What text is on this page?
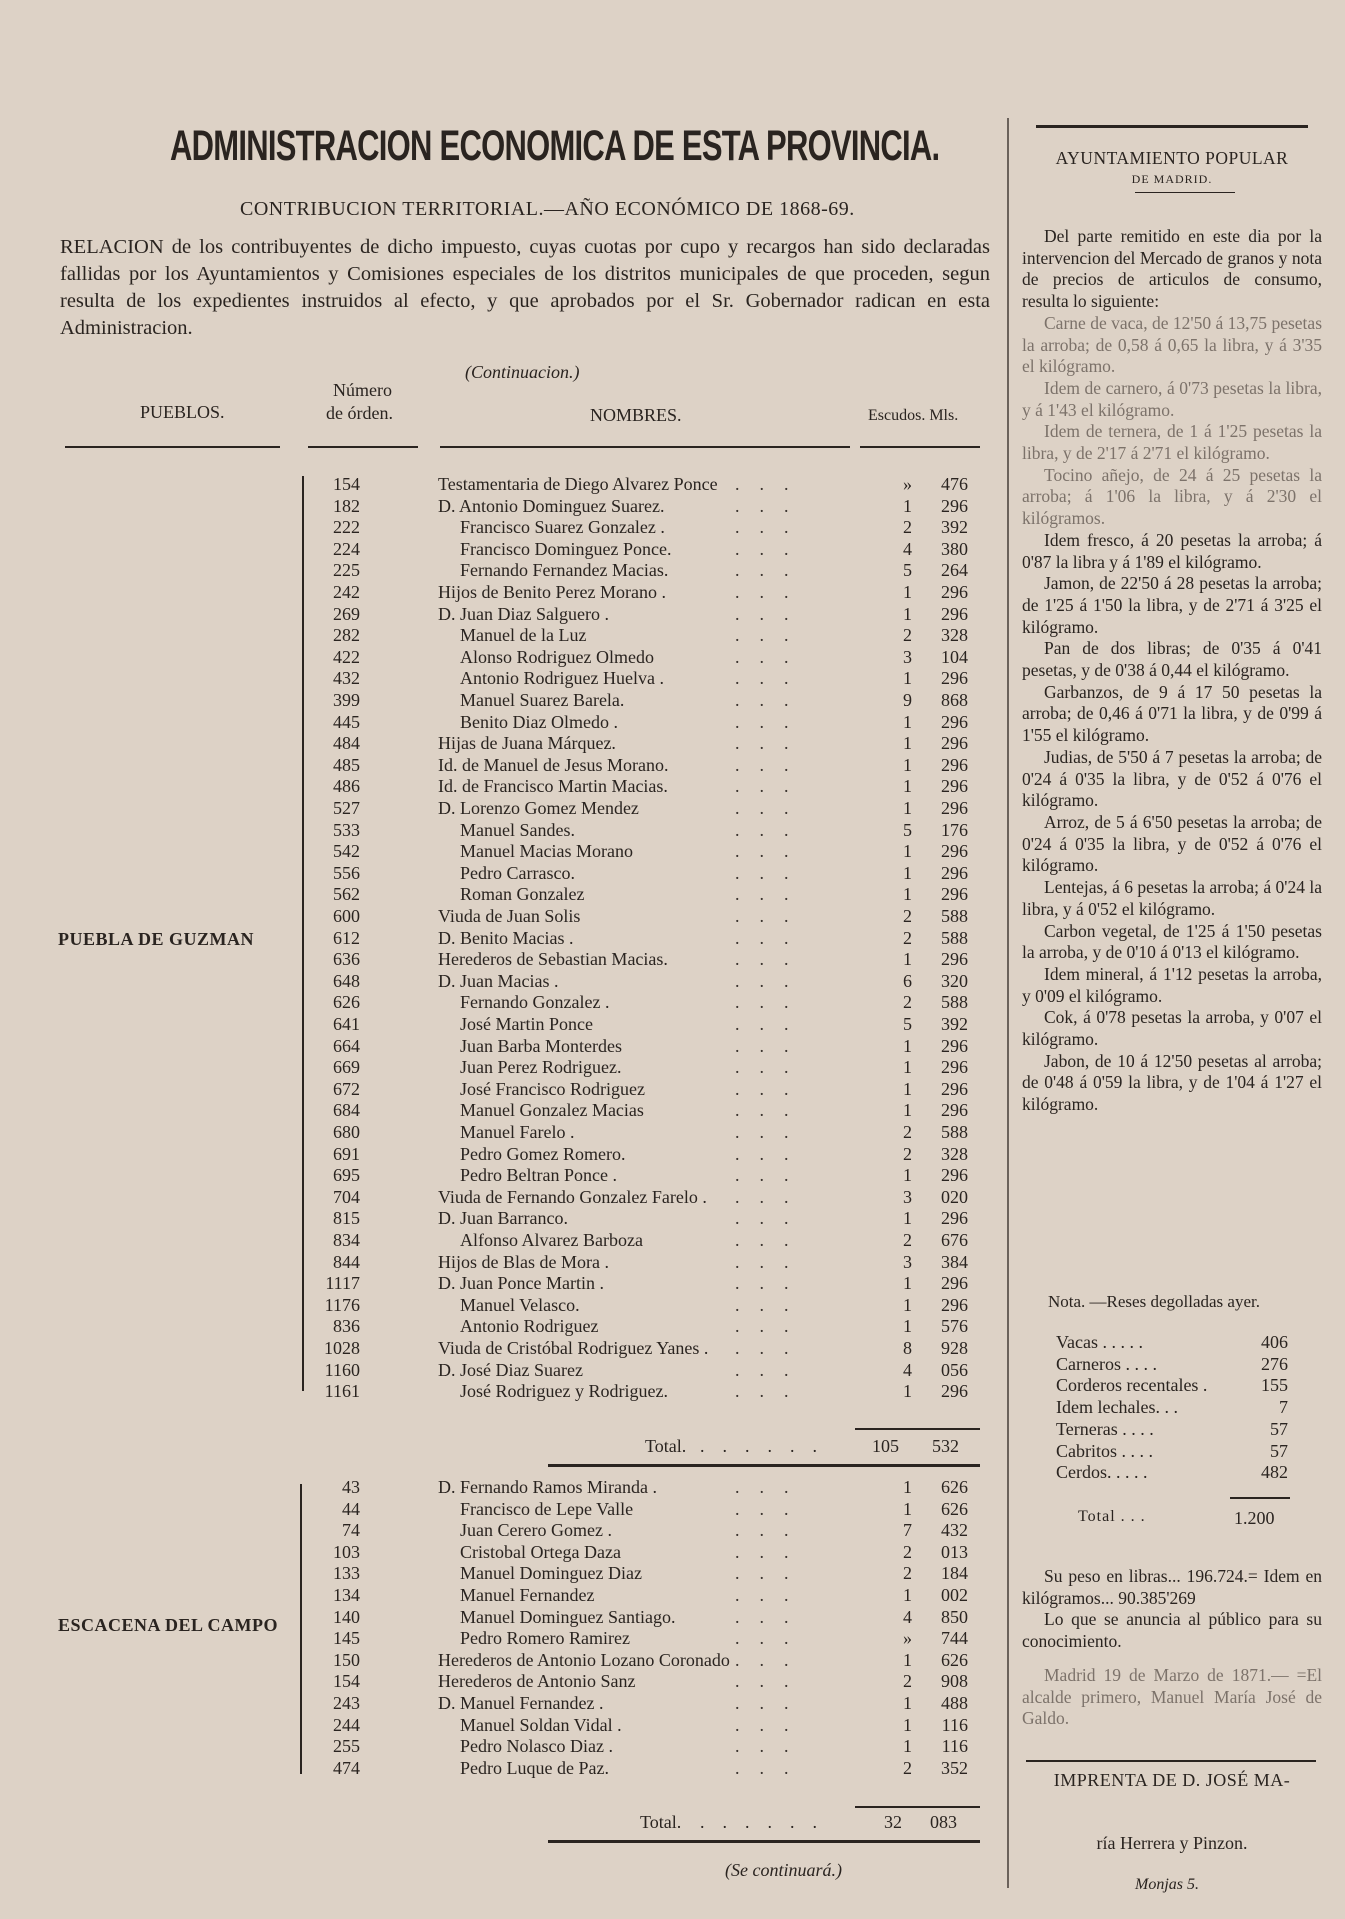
ADMINISTRACION ECONOMICA DE ESTA PROVINCIA.
CONTRIBUCION TERRITORIAL.—AÑO ECONÓMICO DE 1868-69.
RELACION de los contribuyentes de dicho impuesto, cuyas cuotas por cupo y recargos han sido declaradas fallidas por los Ayuntamientos y Comisiones especiales de los distritos municipales de que proceden, segun resulta de los expedientes instruidos al efecto, y que aprobados por el Sr. Gobernador radican en esta Administracion.
(Continuacion.)
PUEBLOS.
Número
de órden.	NOMBRES.	Escudos. Mls.
154	Testamentaria de Diego Alvarez Ponce ...	»	476
182	D. Antonio Dominguez Suarez.	...	1	296
222	Francisco Suarez Gonzalez .	...	2	392
224	Francisco Dominguez Ponce.	...	4	380
225	Fernando Fernandez Macias.	...	5	264
242	Hijos de Benito Perez Morano .	...	1	296
269	D. Juan Diaz Salguero .	...	1	296
282	Manuel de la Luz	...	2	328
422	Alonso Rodriguez Olmedo	...	3	104
432	Antonio Rodriguez Huelva .	...	1	296
399	Manuel Suarez Barela.	...	9	868
445	Benito Diaz Olmedo .	...	1	296
484	Hijas de Juana Márquez.	...	1	296
485	Id. de Manuel de Jesus Morano.	...	1	296
486	Id. de Francisco Martin Macias.	...	1	296
527	D. Lorenzo Gomez Mendez	...	1	296
533	Manuel Sandes.	...	5	176
542	Manuel Macias Morano	...	1	296
556	Pedro Carrasco.	...	1	296
562	Roman Gonzalez	...	1	296
600	Viuda de Juan Solis	...	2	588
612	D. Benito Macias .	...	2	588
636	Herederos de Sebastian Macias.	...	1	296
648	D. Juan Macias .	...	6	320
626	Fernando Gonzalez .	...	2	588
641	José Martin Ponce	...	5	392
664	Juan Barba Monterdes	...	1	296
669	Juan Perez Rodriguez.	...	1	296
672	José Francisco Rodriguez	...	1	296
684	Manuel Gonzalez Macias	...	1	296
680	Manuel Farelo .	...	2	588
691	Pedro Gomez Romero.	...	2	328
695	Pedro Beltran Ponce .	...	1	296
704	Viuda de Fernando Gonzalez Farelo . ...	3	020
815	D. Juan Barranco.	...	1	296
834	Alfonso Alvarez Barboza	...	2	676
844	Hijos de Blas de Mora .	...	3	384
1117	D. Juan Ponce Martin .	...	1	296
1176	Manuel Velasco.	...	1	296
836	Antonio Rodriguez	...	1	576
1028	Viuda de Cristóbal Rodriguez Yanes . ...	8	928
1160	D. José Diaz Suarez	...	4	056
1161	José Rodriguez y Rodriguez.	...	1	296
43	D. Fernando Ramos Miranda .	...	1	626
44	Francisco de Lepe Valle	...	1	626
74	Juan Cerero Gomez .	...	7	432
103	Cristobal Ortega Daza	...	2	013
133	Manuel Dominguez Diaz	...	2	184
134	Manuel Fernandez	...	1	002
140	Manuel Dominguez Santiago.	...	4	850
145	Pedro Romero Ramirez	...	»	744
150	Herederos de Antonio Lozano Coronado ...	1	626
154	Herederos de Antonio Sanz	...	2	908
243	D. Manuel Fernandez .	...	1	488
244	Manuel Soldan Vidal .	...	1	116
255	Pedro Nolasco Diaz .	...	1	116
474	Pedro Luque de Paz.	...	2	352
PUEBLA DE GUZMAN
ESCACENA DEL CAMPO
Total. ...... 105 532
Total. ......	32 083
(Se continuará.)
AYUNTAMIENTO POPULAR
DE MADRID.

Del parte remitido en este dia por la intervencion del Mercado de granos y nota de precios de articulos de consumo, resulta lo siguiente:

Carne de vaca, de 12'50 á 13,75 pesetas la arroba; de 0,58 á 0,65 la libra, y á 3'35 el kilógramo.

Idem de carnero, á 0'73 pesetas la libra, y á 1'43 el kilógramo.

Idem de ternera, de 1 á 1'25 pesetas la libra, y de 2'17 á 2'71 el kilógramo.

Tocino añejo, de 24 á 25 pesetas la arroba; á 1'06 la libra, y á 2'30 el kilógramos.

Idem fresco, á 20 pesetas la arroba; á 0'87 la libra y á 1'89 el kilógramo.

Jamon, de 22'50 á 28 pesetas la arroba; de 1'25 á 1'50 la libra, y de 2'71 á 3'25 el kilógramo.

Pan de dos libras; de 0'35 á 0'41 pesetas, y de 0'38 á 0,44 el kilógramo.

Garbanzos, de 9 á 17 50 pesetas la arroba; de 0,46 á 0'71 la libra, y de 0'99 á 1'55 el kilógramo.

Judias, de 5'50 á 7 pesetas la arroba; de 0'24 á 0'35 la libra, y de 0'52 á 0'76 el kilógramo.

Arroz, de 5 á 6'50 pesetas la arroba; de 0'24 á 0'35 la libra, y de 0'52 á 0'76 el kilógramo.

Lentejas, á 6 pesetas la arroba; á 0'24 la libra, y á 0'52 el kilógramo.

Carbon vegetal, de 1'25 á 1'50 pesetas la arroba, y de 0'10 á 0'13 el kilógramo.

Idem mineral, á 1'12 pesetas la arroba, y 0'09 el kilógramo.

Cok, á 0'78 pesetas la arroba, y 0'07 el kilógramo.

Jabon, de 10 á 12'50 pesetas al arroba; de 0'48 á 0'59 la libra, y de 1'04 á 1'27 el kilógramo.

Nota. —Reses degolladas ayer.
Vacas . . . . .	406
Carneros . . . .	276
Corderos recentales .	155
Idem lechales. . .	7
Terneras . . . .	57
Cabritos . . . .	57
Cerdos. . . . .	482
Total . . .	1.200

Su peso en libras... 196.724.= Idem en kilógramos... 90.385'269

Lo que se anuncia al público para su conocimiento.

Madrid 19 de Marzo de 1871.— =El alcalde primero, Manuel María José de Galdo.

IMPRENTA DE D. JOSÉ MA-
ría Herrera y Pinzon.
Monjas 5.
